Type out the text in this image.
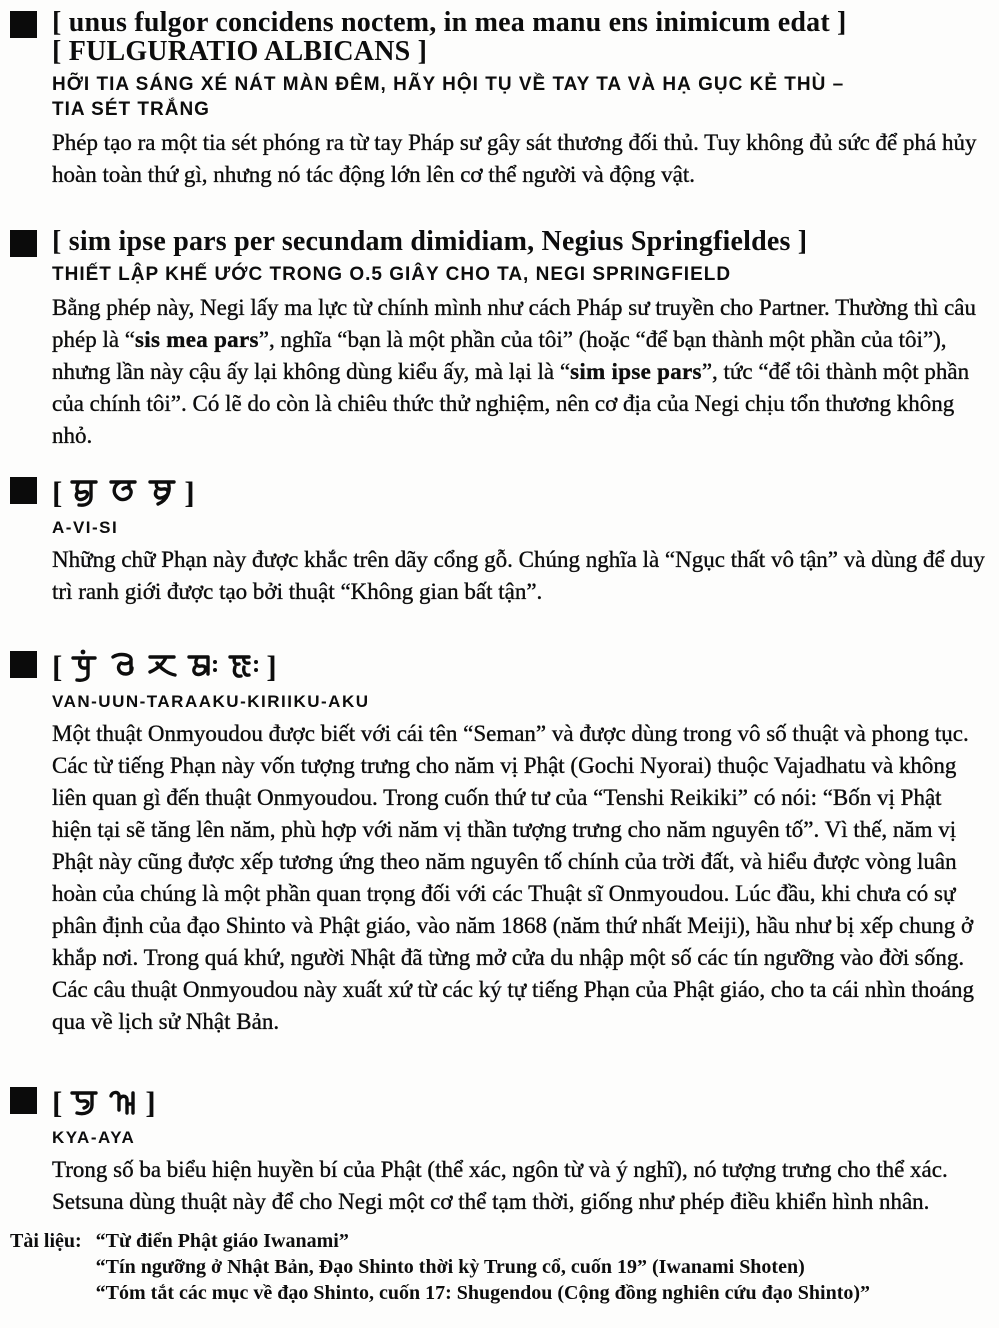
[ unus fulgor concidens noctem, in mea manu ens inimicum edat ]
[ FULGURATIO ALBICANS ]
HỠI TIA SÁNG XÉ NÁT MÀN ĐÊM, HÃY HỘI TỤ VỀ TAY TA VÀ HẠ GỤC KẺ THÙ –
TIA SÉT TRẮNG
Phép tạo ra một tia sét phóng ra từ tay Pháp sư gây sát thương đối thủ. Tuy không đủ sức để phá hủy hoàn toàn thứ gì, nhưng nó tác động lớn lên cơ thể người và động vật.
[ sim ipse pars per secundam dimidiam, Negius Springfieldes ]
THIẾT LẬP KHẾ ƯỚC TRONG O.5 GIÂY CHO TA, NEGI SPRINGFIELD
Bằng phép này, Negi lấy ma lực từ chính mình như cách Pháp sư truyền cho Partner. Thường thì câu phép là “sis mea pars”, nghĩa “bạn là một phần của tôi” (hoặc “để bạn thành một phần của tôi”), nhưng lần này cậu ấy lại không dùng kiểu ấy, mà lại là “sim ipse pars”, tức “để tôi thành một phần của chính tôi”. Có lẽ do còn là chiêu thức thử nghiệm, nên cơ địa của Negi chịu tổn thương không nhỏ.
[	]
A-VI-SI
Những chữ Phạn này được khắc trên dãy cổng gỗ. Chúng nghĩa là “Ngục thất vô tận” và dùng để duy trì ranh giới được tạo bởi thuật “Không gian bất tận”.
[	]
VAN-UUN-TARAAKU-KIRIIKU-AKU
Một thuật Onmyoudou được biết với cái tên “Seman” và được dùng trong vô số thuật và phong tục. Các từ tiếng Phạn này vốn tượng trưng cho năm vị Phật (Gochi Nyorai) thuộc Vajadhatu và không liên quan gì đến thuật Onmyoudou. Trong cuốn thứ tư của “Tenshi Reikiki” có nói: “Bốn vị Phật hiện tại sẽ tăng lên năm, phù hợp với năm vị thần tượng trưng cho năm nguyên tố”. Vì thế, năm vị Phật này cũng được xếp tương ứng theo năm nguyên tố chính của trời đất, và hiểu được vòng luân hoàn của chúng là một phần quan trọng đối với các Thuật sĩ Onmyoudou. Lúc đầu, khi chưa có sự phân định của đạo Shinto và Phật giáo, vào năm 1868 (năm thứ nhất Meiji), hầu như bị xếp chung ở khắp nơi. Trong quá khứ, người Nhật đã từng mở cửa du nhập một số các tín ngưỡng vào đời sống. Các câu thuật Onmyoudou này xuất xứ từ các ký tự tiếng Phạn của Phật giáo, cho ta cái nhìn thoáng qua về lịch sử Nhật Bản.
[	]
KYA-AYA
Trong số ba biểu hiện huyền bí của Phật (thể xác, ngôn từ và ý nghĩ), nó tượng trưng cho thể xác. Setsuna dùng thuật này để cho Negi một cơ thể tạm thời, giống như phép điều khiển hình nhân.
Tài liệu: “Từ điển Phật giáo Iwanami”
“Tín ngưỡng ở Nhật Bản, Đạo Shinto thời kỳ Trung cổ, cuốn 19” (Iwanami Shoten)
“Tóm tắt các mục về đạo Shinto, cuốn 17: Shugendou (Cộng đồng nghiên cứu đạo Shinto)”
